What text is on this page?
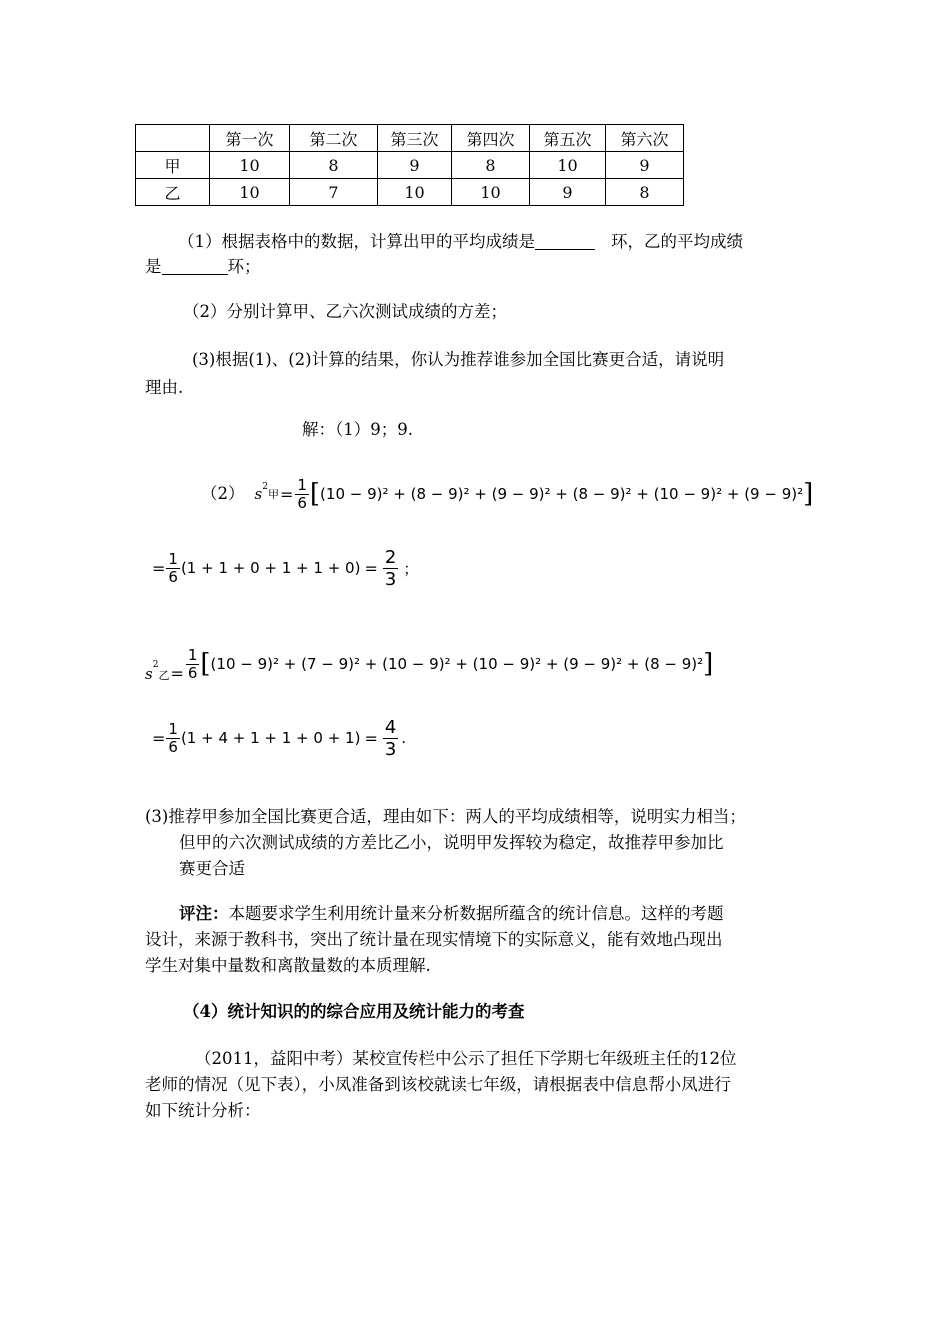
	第一次	第二次	第三次	第四次	第五次	第六次
甲	10	8	9	8	10	9
乙	10	7	10	10	9	8
（1）根据表格中的数据，计算出甲的平均成绩是	环，乙的平均成绩
是	环；
（2）分别计算甲、乙六次测试成绩的方差；
(3)根据(1)、(2)计算的结果，你认为推荐谁参加全国比赛更合适，请说明
理由.
解：（1）9；9.
（2） $s^2$
甲 = $\frac{1}{6}$ [ (10 − 9)² + (8 − 9)² + (9 − 9)² + (8 − 9)² + (10 − 9)² + (9 − 9)² ]
= $\frac{1}{6} (1 + 1 + 0 + 1 + 1 + 0) = \frac{2}{3}$ ；
$s^2$
乙 = $\frac{1}{6}$ [ (10 − 9)² + (7 − 9)² + (10 − 9)² + (10 − 9)² + (9 − 9)² + (8 − 9)² ]
= $\frac{1}{6} (1 + 4 + 1 + 1 + 0 + 1) = \frac{4}{3}$ .
(3)推荐甲参加全国比赛更合适，理由如下：两人的平均成绩相等，说明实力相当；
但甲的六次测试成绩的方差比乙小，说明甲发挥较为稳定，故推荐甲参加比
赛更合适
评注：本题要求学生利用统计量来分析数据所蕴含的统计信息。这样的考题
设计，来源于教科书，突出了统计量在现实情境下的实际意义，能有效地凸现出
学生对集中量数和离散量数的本质理解.
（4）统计知识的的综合应用及统计能力的考查
（2011，益阳中考）某校宣传栏中公示了担任下学期七年级班主任的12位
老师的情况（见下表），小凤准备到该校就读七年级，请根据表中信息帮小凤进行
如下统计分析：
